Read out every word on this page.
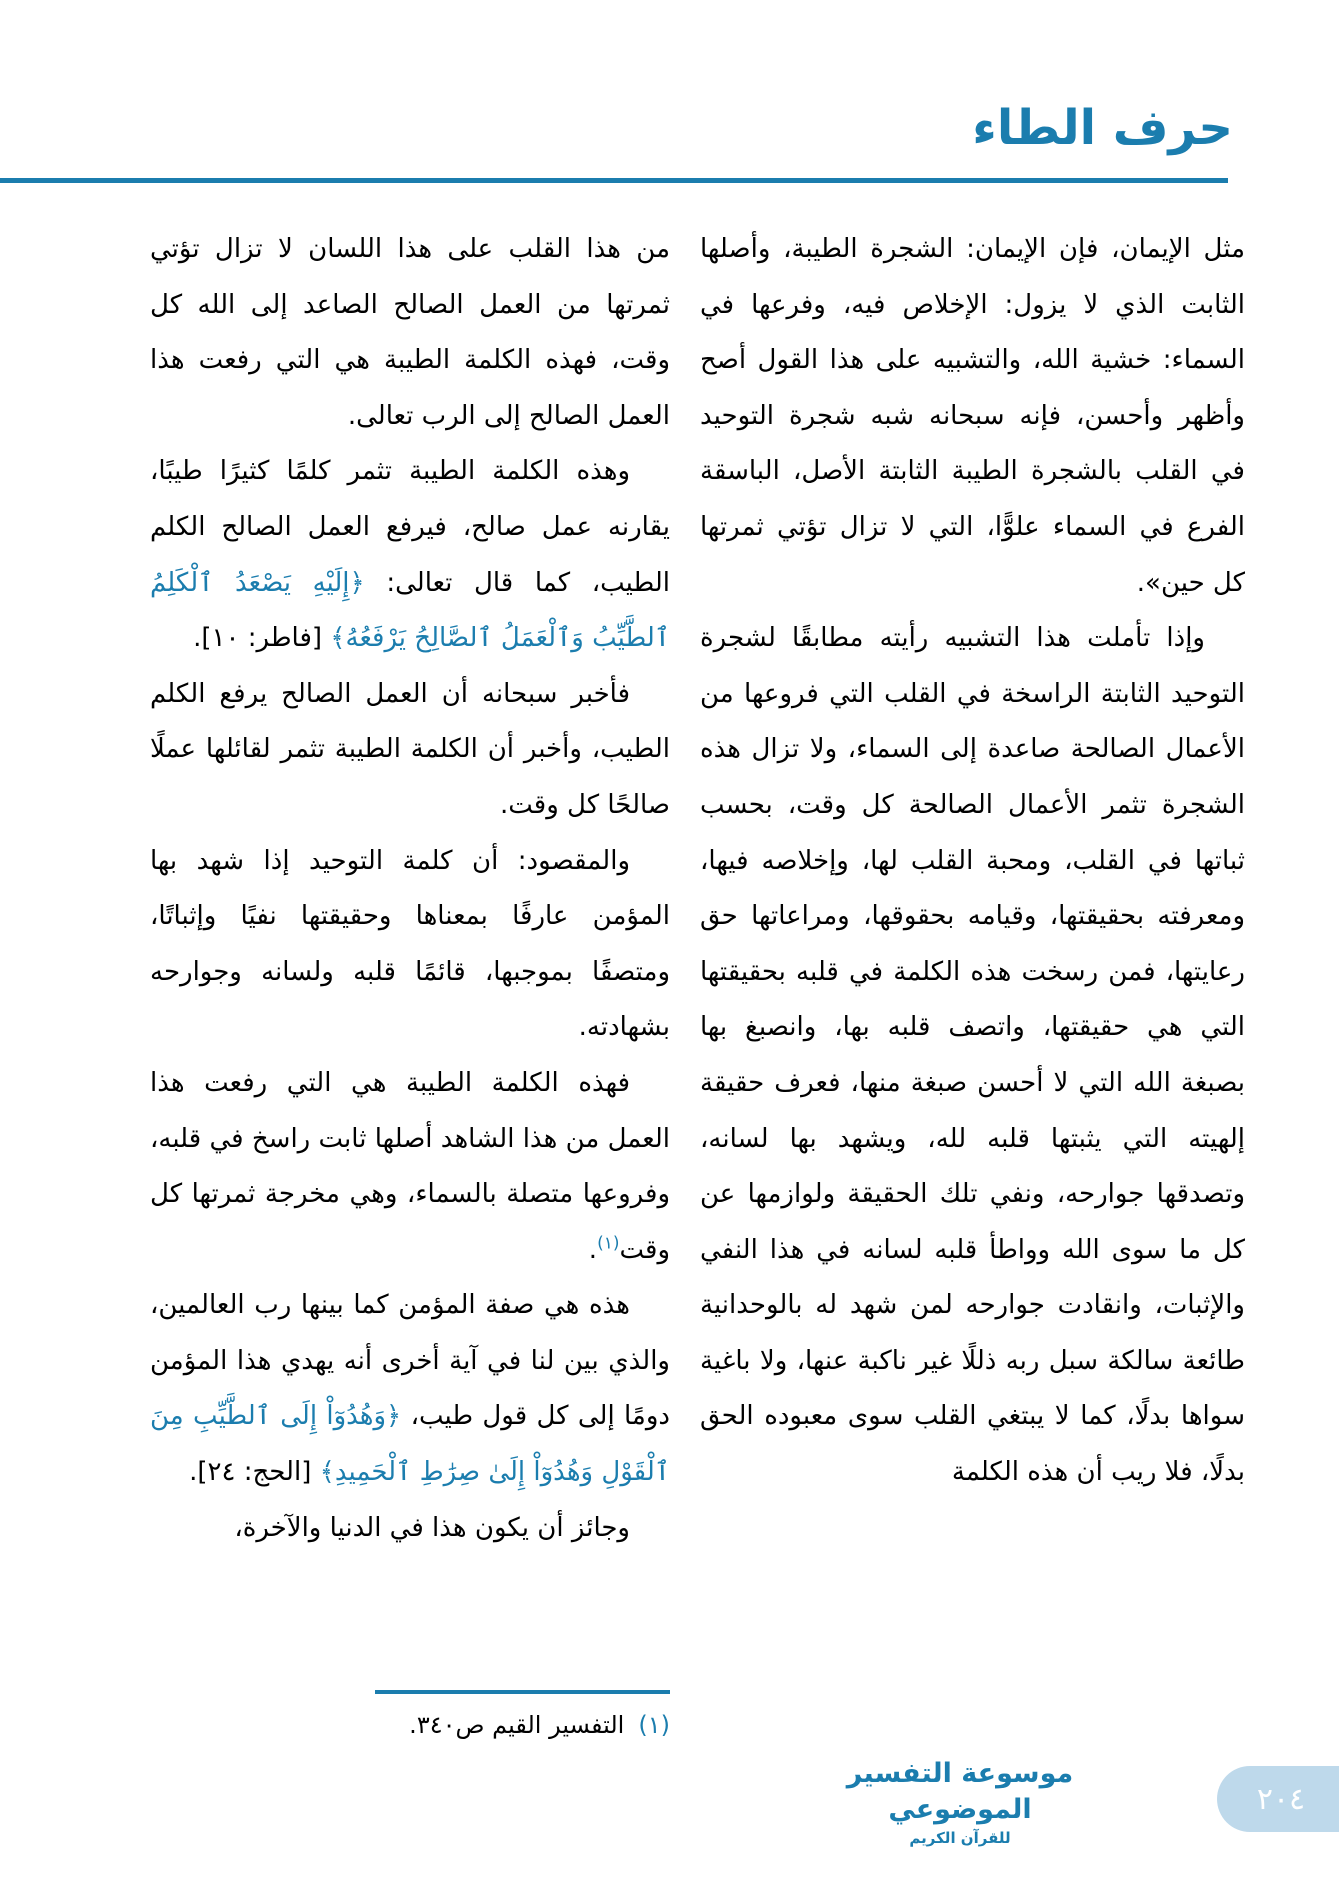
حرف الطاء

مثل الإيمان، فإن الإيمان: الشجرة الطيبة، وأصلها الثابت الذي لا يزول: الإخلاص فيه، وفرعها في السماء: خشية الله، والتشبيه على هذا القول أصح وأظهر وأحسن، فإنه سبحانه شبه شجرة التوحيد في القلب بالشجرة الطيبة الثابتة الأصل، الباسقة الفرع في السماء علوًّا، التي لا تزال تؤتي ثمرتها كل حين».

وإذا تأملت هذا التشبيه رأيته مطابقًا لشجرة التوحيد الثابتة الراسخة في القلب التي فروعها من الأعمال الصالحة صاعدة إلى السماء، ولا تزال هذه الشجرة تثمر الأعمال الصالحة كل وقت، بحسب ثباتها في القلب، ومحبة القلب لها، وإخلاصه فيها، ومعرفته بحقيقتها، وقيامه بحقوقها، ومراعاتها حق رعايتها، فمن رسخت هذه الكلمة في قلبه بحقيقتها التي هي حقيقتها، واتصف قلبه بها، وانصبغ بها بصبغة الله التي لا أحسن صبغة منها، فعرف حقيقة إلهيته التي يثبتها قلبه لله، ويشهد بها لسانه، وتصدقها جوارحه، ونفي تلك الحقيقة ولوازمها عن كل ما سوى الله وواطأ قلبه لسانه في هذا النفي والإثبات، وانقادت جوارحه لمن شهد له بالوحدانية طائعة سالكة سبل ربه ذللًا غير ناكبة عنها، ولا باغية سواها بدلًا، كما لا يبتغي القلب سوى معبوده الحق بدلًا، فلا ريب أن هذه الكلمة

من هذا القلب على هذا اللسان لا تزال تؤتي ثمرتها من العمل الصالح الصاعد إلى الله كل وقت، فهذه الكلمة الطيبة هي التي رفعت هذا العمل الصالح إلى الرب تعالى.

وهذه الكلمة الطيبة تثمر كلمًا كثيرًا طيبًا، يقارنه عمل صالح، فيرفع العمل الصالح الكلم الطيب، كما قال تعالى: ﴿إِلَيْهِ يَصْعَدُ ٱلْكَلِمُ ٱلطَّيِّبُ وَٱلْعَمَلُ ٱلصَّالِحُ يَرْفَعُهُ﴾ [فاطر: ١٠].

فأخبر سبحانه أن العمل الصالح يرفع الكلم الطيب، وأخبر أن الكلمة الطيبة تثمر لقائلها عملًا صالحًا كل وقت.

والمقصود: أن كلمة التوحيد إذا شهد بها المؤمن عارفًا بمعناها وحقيقتها نفيًا وإثباتًا، ومتصفًا بموجبها، قائمًا قلبه ولسانه وجوارحه بشهادته.

فهذه الكلمة الطيبة هي التي رفعت هذا العمل من هذا الشاهد أصلها ثابت راسخ في قلبه، وفروعها متصلة بالسماء، وهي مخرجة ثمرتها كل وقت$^{(١)}$.

هذه هي صفة المؤمن كما بينها رب العالمين، والذي بين لنا في آية أخرى أنه يهدي هذا المؤمن دومًا إلى كل قول طيب، ﴿وَهُدُوٓاْ إِلَى ٱلطَّيِّبِ مِنَ ٱلْقَوْلِ وَهُدُوٓاْ إِلَىٰ صِرَٰطِ ٱلْحَمِيدِ﴾ [الحج: ٢٤].

وجائز أن يكون هذا في الدنيا والآخرة،

(١)التفسير القيم ص٣٤٠.
موسوعة التفسير الموضوعي
للقرآن الكريم
٢٠٤
